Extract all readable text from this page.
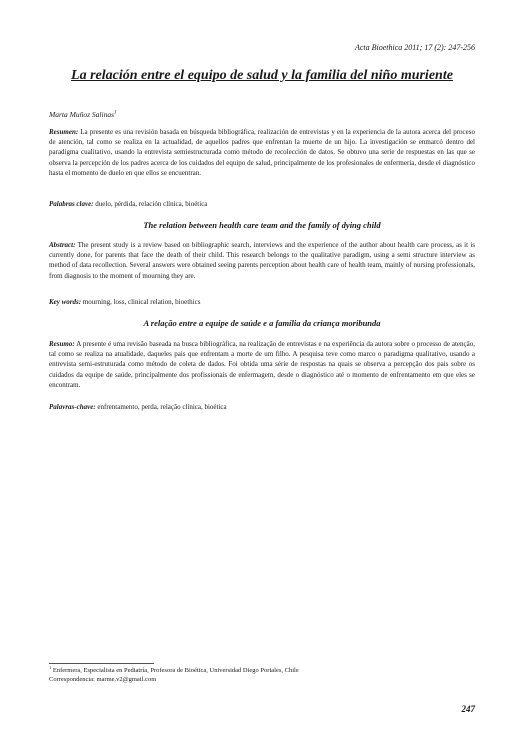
Acta Bioethica 2011; 17 (2): 247-256
La relación entre el equipo de salud y la familia del niño muriente
Marta Muñoz Salinas$^1$
Resumen: La presente es una revisión basada en búsqueda bibliográfica, realización de entrevistas y en la experiencia de la autora acerca del proceso de atención, tal como se realiza en la actualidad, de aquellos padres que enfrentan la muerte de un hijo. La investigación se enmarcó dentro del paradigma cualitativo, usando la entrevista semiestructurada como método de recolección de datos. Se obtuvo una serie de respuestas en las que se observa la percepción de los padres acerca de los cuidados del equipo de salud, principalmente de los profesionales de enfermería, desde el diagnóstico hasta el momento de duelo en que ellos se encuentran.
Palabras clave: duelo, pérdida, relación clínica, bioética
The relation between health care team and the family of dying child
Abstract: The present study is a review based on bibliographic search, interviews and the experience of the author about health care process, as it is currently done, for parents that face the death of their child. This research belongs to the qualitative paradigm, using a semi structure interview as method of data recollection. Several answers were obtained seeing parents perception about health care of health team, mainly of nursing professionals, from diagnosis to the moment of mourning they are.
Key words: mourning, loss, clinical relation, bioethics
A relação entre a equipe de saúde e a família da criança moribunda
Resumo: A presente é uma revisão baseada na busca bibliográfica, na realização de entrevistas e na experiência da autora sobre o processo de atenção, tal como se realiza na atualidade, daqueles pais que enfrentam a morte de um filho. A pesquisa teve como marco o paradigma qualitativo, usando a entrevista semi-estruturada como método de coleta de dados. Foi obtida uma série de respostas na quais se observa a percepção dos pais sobre os cuidados da equipe de saúde, principalmente dos profissionais de enfermagem, desde o diagnóstico até o momento de enfrentamento em que eles se encontram.
Palavras-chave: enfrentamento, perda, relação clínica, bioética
$^1$ Enfermera, Especialista en Pediatría, Profesora de Bioética, Universidad Diego Portales, Chile
Correspondencia: marme.v2@gmail.com
247
